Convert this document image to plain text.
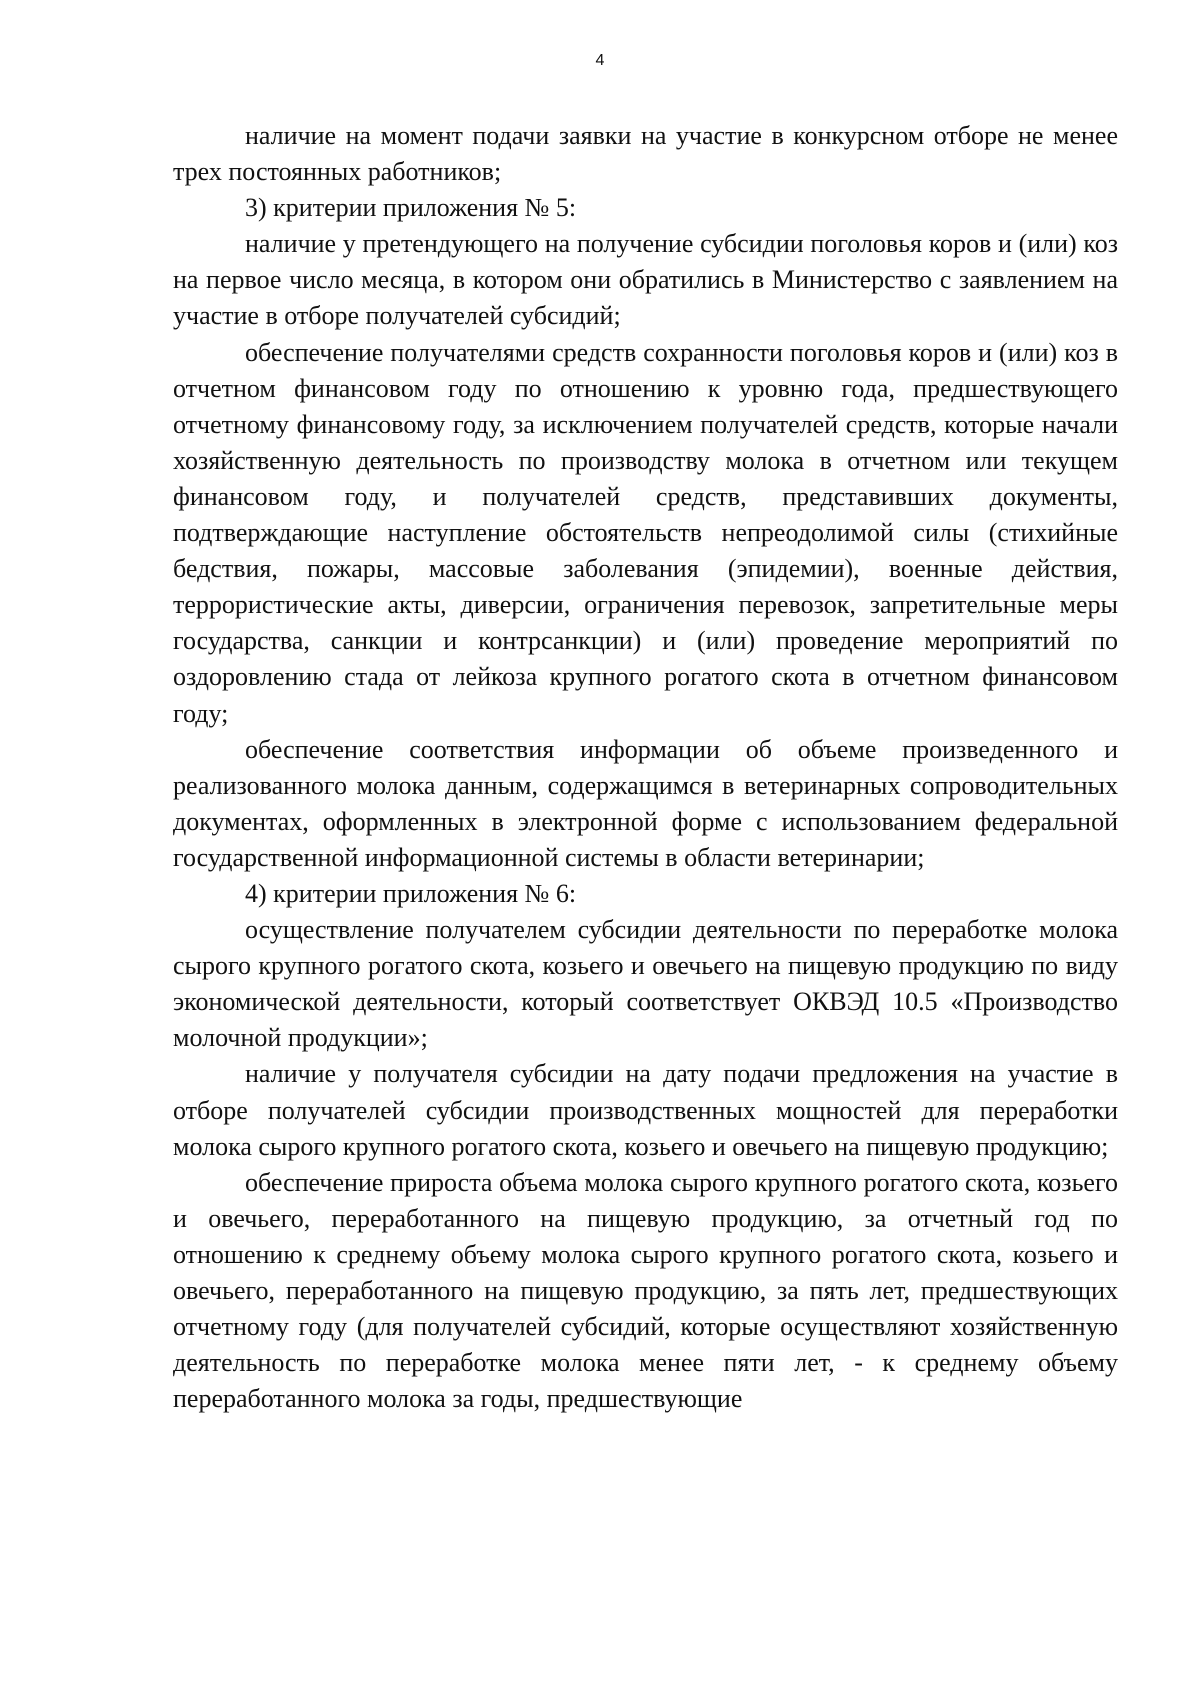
4

наличие на момент подачи заявки на участие в конкурсном отборе не менее трех постоянных работников;

3) критерии приложения № 5:

наличие у претендующего на получение субсидии поголовья коров и (или) коз на первое число месяца, в котором они обратились в Министерство с заявлением на участие в отборе получателей субсидий;

обеспечение получателями средств сохранности поголовья коров и (или) коз в отчетном финансовом году по отношению к уровню года, предшествующего отчетному финансовому году, за исключением получателей средств, которые начали хозяйственную деятельность по производству молока в отчетном или текущем финансовом году, и получателей средств, представивших документы, подтверждающие наступление обстоятельств непреодолимой силы (стихийные бедствия, пожары, массовые заболевания (эпидемии), военные действия, террористические акты, диверсии, ограничения перевозок, запретительные меры государства, санкции и контрсанкции) и (или) проведение мероприятий по оздоровлению стада от лейкоза крупного рогатого скота в отчетном финансовом году;

обеспечение соответствия информации об объеме произведенного и реализованного молока данным, содержащимся в ветеринарных сопроводительных документах, оформленных в электронной форме с использованием федеральной государственной информационной системы в области ветеринарии;

4) критерии приложения № 6:

осуществление получателем субсидии деятельности по переработке молока сырого крупного рогатого скота, козьего и овечьего на пищевую продукцию по виду экономической деятельности, который соответствует ОКВЭД 10.5 «Производство молочной продукции»;

наличие у получателя субсидии на дату подачи предложения на участие в отборе получателей субсидии производственных мощностей для переработки молока сырого крупного рогатого скота, козьего и овечьего на пищевую продукцию;

обеспечение прироста объема молока сырого крупного рогатого скота, козьего и овечьего, переработанного на пищевую продукцию, за отчетный год по отношению к среднему объему молока сырого крупного рогатого скота, козьего и овечьего, переработанного на пищевую продукцию, за пять лет, предшествующих отчетному году (для получателей субсидий, которые осуществляют хозяйственную деятельность по переработке молока менее пяти лет, - к среднему объему переработанного молока за годы, предшествующие
